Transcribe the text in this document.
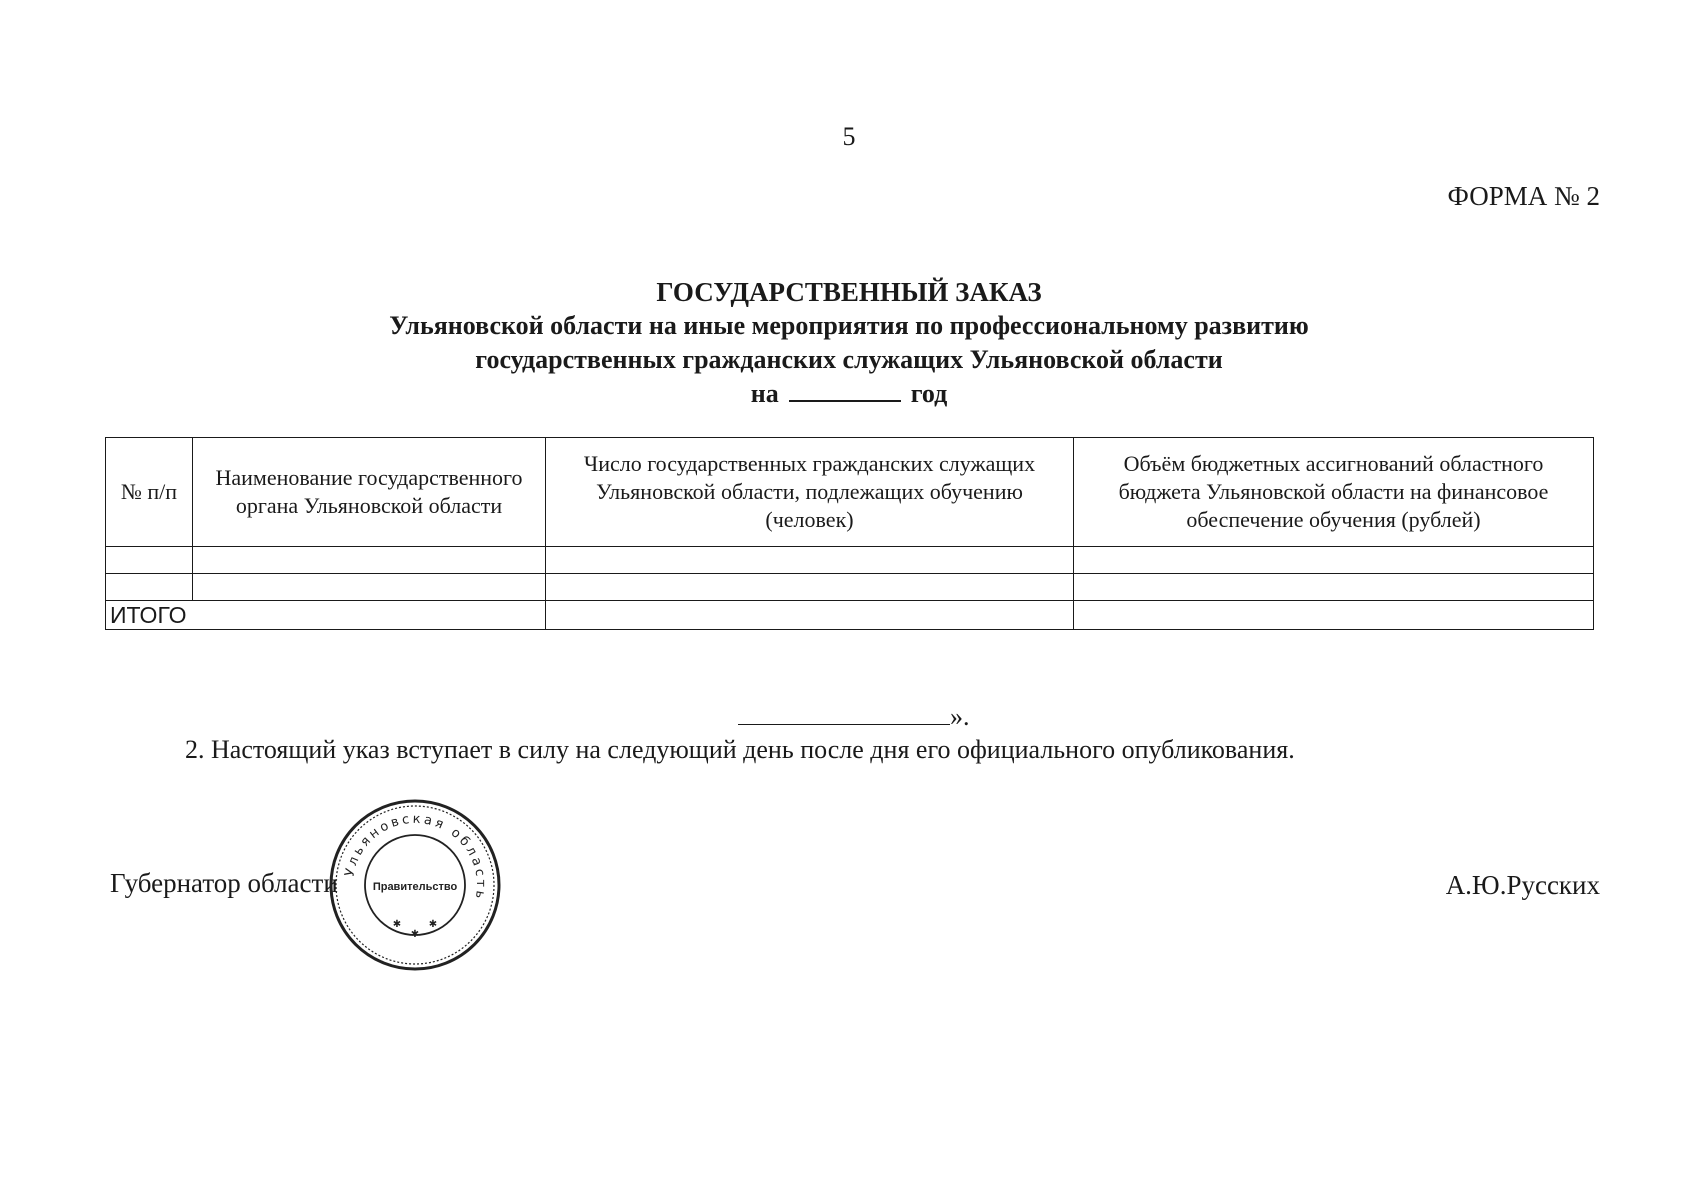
5
ФОРМА № 2
ГОСУДАРСТВЕННЫЙ ЗАКАЗ
Ульяновской области на иные мероприятия по профессиональному развитию
государственных гражданских служащих Ульяновской области
на	год
№ п/п	Наименование государственного органа Ульяновской области	Число государственных гражданских служащих Ульяновской области, подлежащих обучению (человек)	Объём бюджетных ассигнований областного бюджета Ульяновской области на финансовое обеспечение обучения (рублей)

ИТОГО			
».
2. Настоящий указ вступает в силу на следующий день после дня его официального опубликования.
Губернатор области Ульяновская область
Правительство
✱	✱
✱
А.Ю.Русских
